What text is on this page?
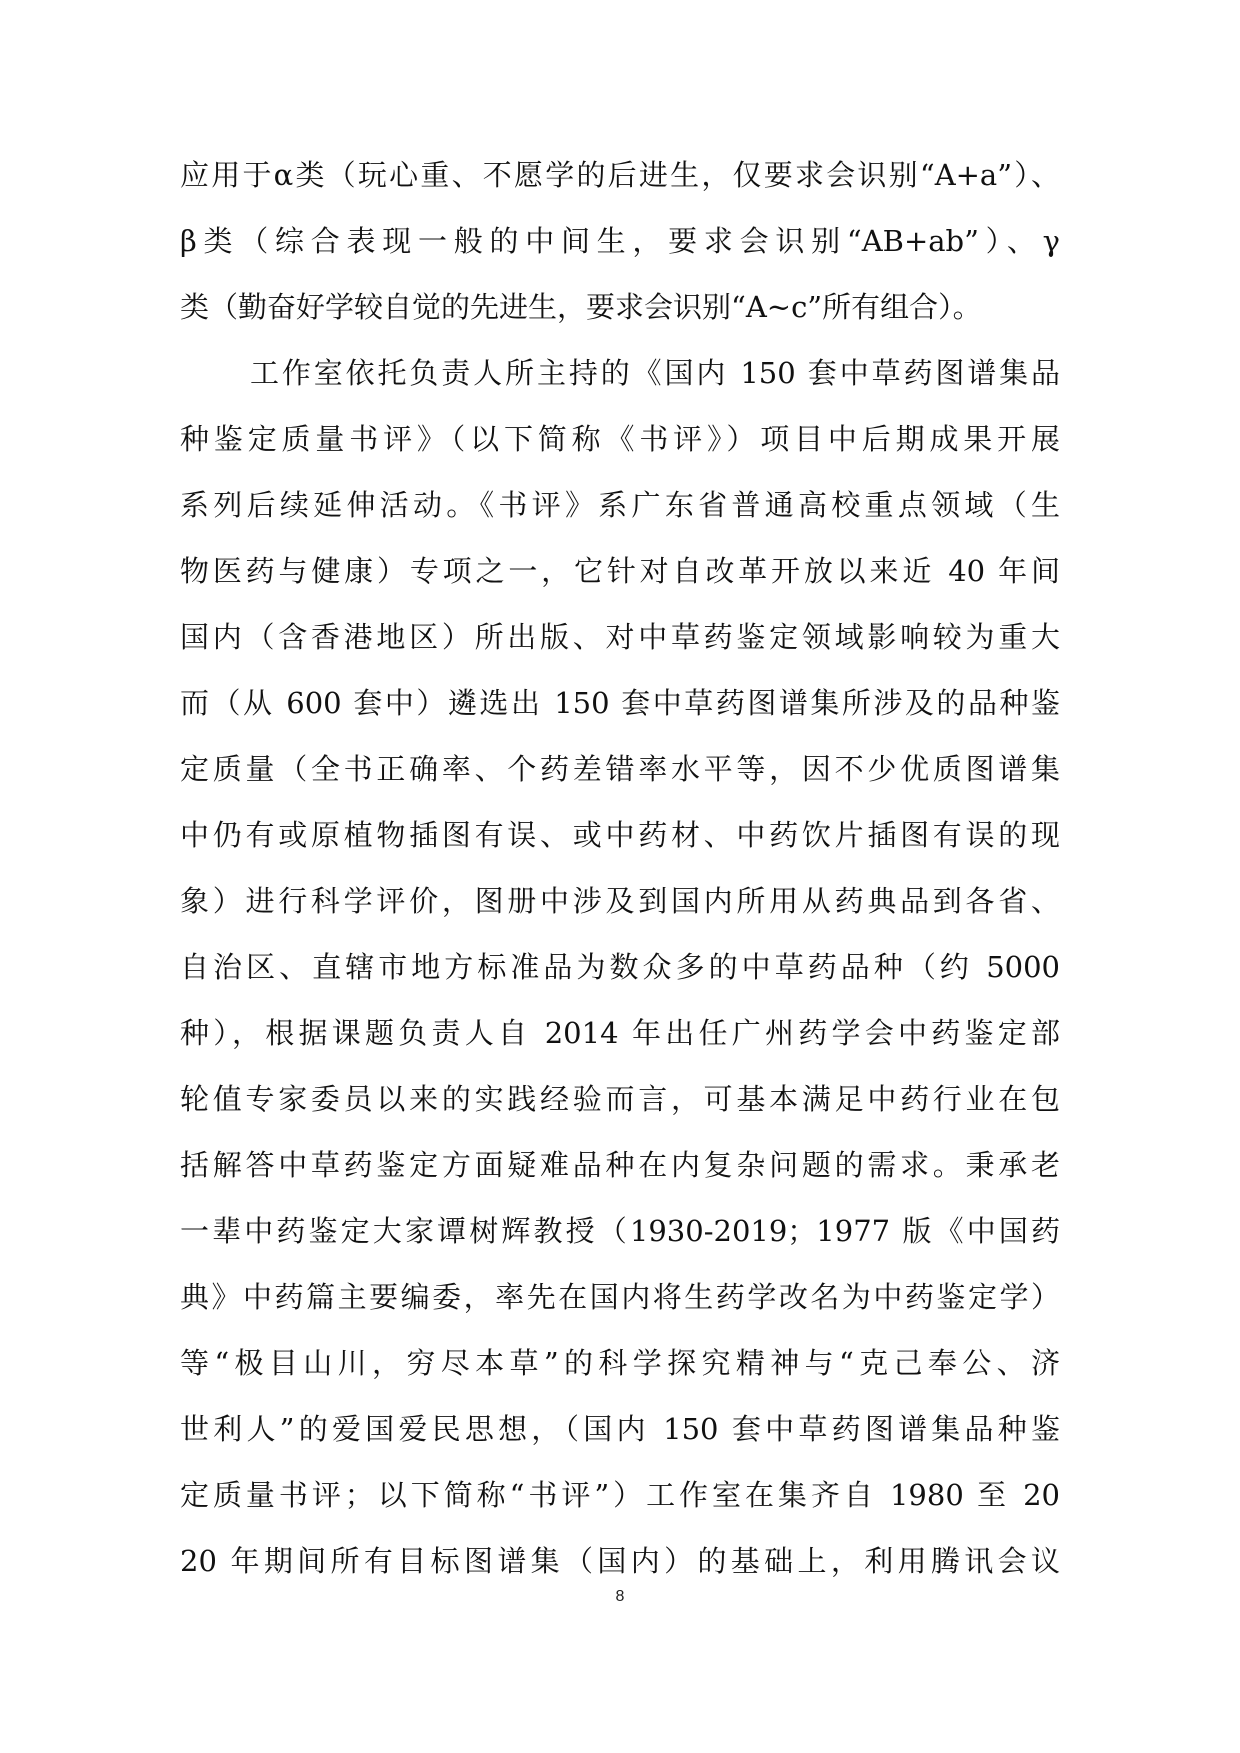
应用于α类（玩心重、不愿学的后进生，仅要求会识别“A+a”）、
β类（综合表现一般的中间生，要求会识别“AB+ab”）、γ
类（勤奋好学较自觉的先进生，要求会识别“A~c”所有组合）。
工作室依托负责人所主持的《国内 150 套中草药图谱集品
种鉴定质量书评》（以下简称《书评》）项目中后期成果开展
系列后续延伸活动。《书评》系广东省普通高校重点领域（生
物医药与健康）专项之一，它针对自改革开放以来近 40 年间
国内（含香港地区）所出版、对中草药鉴定领域影响较为重大
而（从 600 套中）遴选出 150 套中草药图谱集所涉及的品种鉴
定质量（全书正确率、个药差错率水平等，因不少优质图谱集
中仍有或原植物插图有误、或中药材、中药饮片插图有误的现
象）进行科学评价，图册中涉及到国内所用从药典品到各省、
自治区、直辖市地方标准品为数众多的中草药品种（约 5000
种），根据课题负责人自 2014 年出任广州药学会中药鉴定部
轮值专家委员以来的实践经验而言，可基本满足中药行业在包
括解答中草药鉴定方面疑难品种在内复杂问题的需求。秉承老
一辈中药鉴定大家谭树辉教授（1930-2019；1977 版《中国药
典》中药篇主要编委，率先在国内将生药学改名为中药鉴定学）
等“极目山川，穷尽本草”的科学探究精神与“克己奉公、济
世利人”的爱国爱民思想，（国内 150 套中草药图谱集品种鉴
定质量书评；以下简称“书评”）工作室在集齐自 1980 至 20
20 年期间所有目标图谱集（国内）的基础上，利用腾讯会议
8
